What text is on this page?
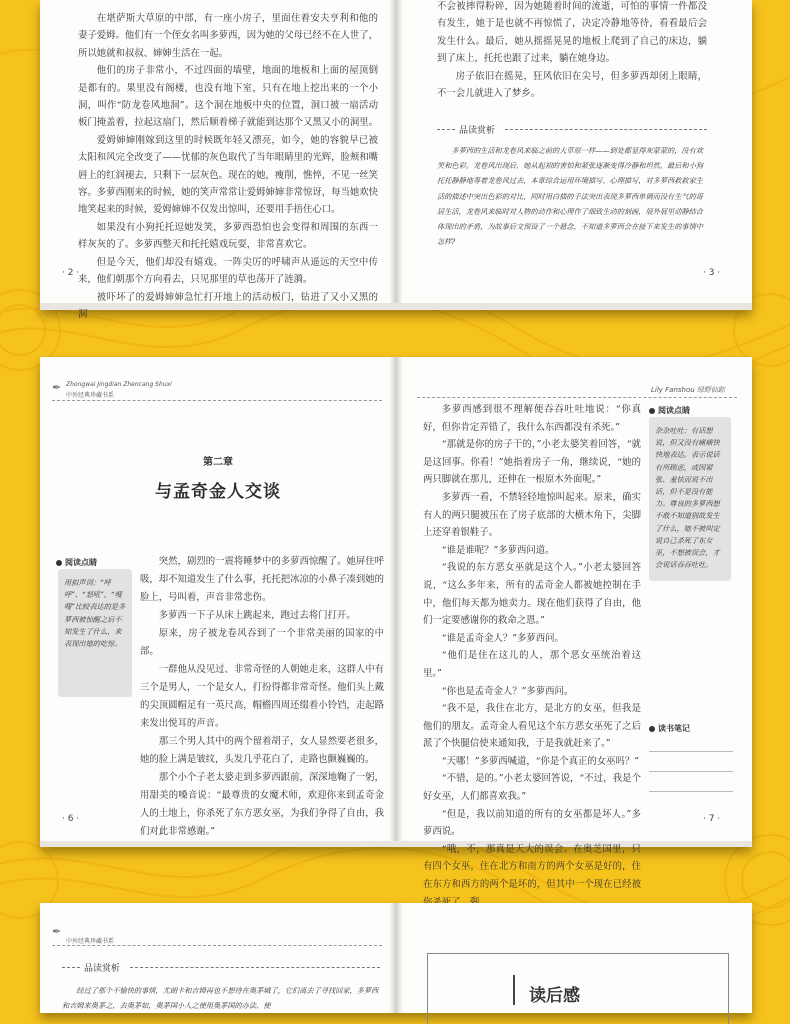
在堪萨斯大草原的中部，有一座小房子，里面住着安夫亨利和他的妻子爱姆。他们有一个侄女名叫多萝西，因为她的父母已经不在人世了，所以她就和叔叔、婶婶生活在一起。

他们的房子非常小，不过四面的墙壁，地面的地板和上面的屋顶倒是都有的。果里没有阁楼，也没有地下室，只有在地上挖出来的一个小洞，叫作“防龙卷风地洞”。这个洞在地板中央的位置，洞口被一扇活动板门掩盖着，拉起这扇门，然后顺着梯子就能到达那个又黑又小的洞里。

爱姆婶婶刚嫁到这里的时候既年轻又漂亮，如今，她的容貌早已被太阳和风完全改变了——忧郁的灰色取代了当年眼睛里的光辉，脸颊和嘴唇上的红润褪去，只剩下一层灰色。现在的她，瘦削，憔悴，不见一丝笑容。多萝西刚来的时候，她的笑声常常让爱姆婶婶非常惊讶，每当她欢快地笑起来的时候，爱姆婶婶不仅发出惊叫，还要用手捂住心口。

如果没有小狗托托逗她发笑，多萝西恐怕也会变得和周围的东西一样灰灰的了。多萝西整天和托托嬉戏玩耍，非常喜欢它。

但是今天，他们却没有嬉戏。一阵尖厉的呼啸声从遥远的天空中传来，他们朝那个方向看去，只见那里的草也荡开了涟漪。

被吓坏了的爱姆婶婶急忙打开地上的活动板门，钻进了又小又黑的洞

· 2 ·

不会被摔得粉碎，因为她随着时间的流逝，可怕的事情一件都没有发生，她于是也就不再惊慌了，决定冷静地等待，看看最后会发生什么。最后，她从摇摇晃晃的地板上爬到了自己的床边，躺到了床上，托托也跟了过来，躺在她身边。

房子依旧在摇晃，狂风依旧在尖号，但多萝西却闭上眼睛，不一会儿就进入了梦乡。

品读赏析

多萝西的生活和龙卷风来临之前的大草原一样——到处都显得灰蒙蒙的，没有欢笑和色彩。龙卷风出现后，她从起初的害怕和紧张逐渐变得冷静和坦然，最后和小狗托托静静地等着龙卷风过去，本章综合运用环境描写、心理描写，对多萝西救救家生活的描述中突出色彩的对比，同时用白描的手法突出表现多萝西单调而没有生气的哥居生活，龙卷风来临时对人物的动作和心理作了细致生动的刻画，展外展里动静结合体现出的矛盾，为故事后文预设了一个悬念，不知道多萝西会在接下来发生的事情中怎样?

· 3 ·
✒ Zhongwai Jingdian Zhencang Shuxi
中外经典珍藏书系
第二章
与孟奇金人交谈
阅读点睛
用拟声词：“呼呼”、“怒吼”，“嗖嗖”比较表达的是多萝西被惊醒之后不知发生了什么，来表现出她的吃惊。

突然，剧烈的一震将睡梦中的多萝西惊醒了。她屏住呼吸，却不知道发生了什么事，托托把冰凉的小鼻子凑到她的脸上，号叫着，声音非常悲伤。

多萝西一下子从床上跳起来，跑过去将门打开。

原来，房子被龙卷风吞到了一个非常美丽的国家的中部。

一群他从没见过、非常奇怪的人朝她走来，这群人中有三个是男人，一个是女人，打扮得都非常奇怪。他们头上戴的尖顶圆帽足有一英尺高，帽檐四周还缀着小铃铛，走起路来发出悦耳的声音。

那三个男人其中的两个留着胡子，女人显然要老很多，她的脸上满是皱纹，头发几乎花白了，走路也颤巍巍的。

那个小个子老太婆走到多萝西跟前，深深地鞠了一躬，用甜美的嗓音说：“最尊贵的女魔术师，欢迎你来到孟奇金人的土地上，你杀死了东方恶女巫，为我们争得了自由，我们对此非常感谢。”

· 6 ·
Lily Fanshou 绿野仙踪

多萝西感到很不理解便吞吞吐吐地说：“你真好，但你肯定弄错了，我什么东西都没有杀死。”

“那就是你的房子干的，”小老太婆笑着回答，“就是这回事。你看！”她指着房子一角，继续说，“她的两只脚就在那儿，还伸在一根原木外面呢。”

多萝西一看，不禁轻轻地惊叫起来。原来，确实有人的两只腿被压在了房子底部的大横木角下，尖脚上还穿着银鞋子。

“谁是谁呢？”多萝西问道。

“我说的东方恶女巫就是这个人。”小老太婆回答说，“这么多年来，所有的孟奇金人都被她控制在手中，他们每天都为她卖力。现在他们获得了自由，他们一定要感谢你的救命之恩。”

“谁是孟奇金人？”多萝西问。

“他们是住在这儿的人，那个恶女巫统治着这里。”

“你也是孟奇金人？”多萝西问。

“我不是，我住在北方，是北方的女巫，但我是他们的朋友。孟奇金人看见这个东方恶女巫死了之后派了个快腿信使来通知我，于是我就赶来了。”

“天哪！”多萝西喊道，“你是个真正的女巫吗？”

“不错，是的。”小老太婆回答说，“不过，我是个好女巫，人们都喜欢我。”

“但是，我以前知道的所有的女巫都是坏人。”多萝西说。

“哦，不，那真是天大的误会。在奥芝国里，只有四个女巫，住在北方和南方的两个女巫是好的，住在东方和西方的两个是坏的，但其中一个现在已经被

阅读点睛
杂杂吐吐：有话想说，但又没有痛痛快快地表达。表示说话有所顾虑，或因紧张、羞怯而说不出话，但不是没有能力。尊良的多萝西想不敢不知道别故发生了什么，她不被叫定说自己杀死了东女巫，不想被误会，才会说话吞吞吐吐。
读书笔记
· 7 ·
✒
中外经典珍藏书系
品读赏析

经过了那个不愉快的事情，尤朗卡和吉姆再也不想待在奥茅城了，它们离去了寻找回家，多萝西和吉姆来奥茅之，去奥茅如，奥茅国小人之使用奥茅国的办法、使	读后感
